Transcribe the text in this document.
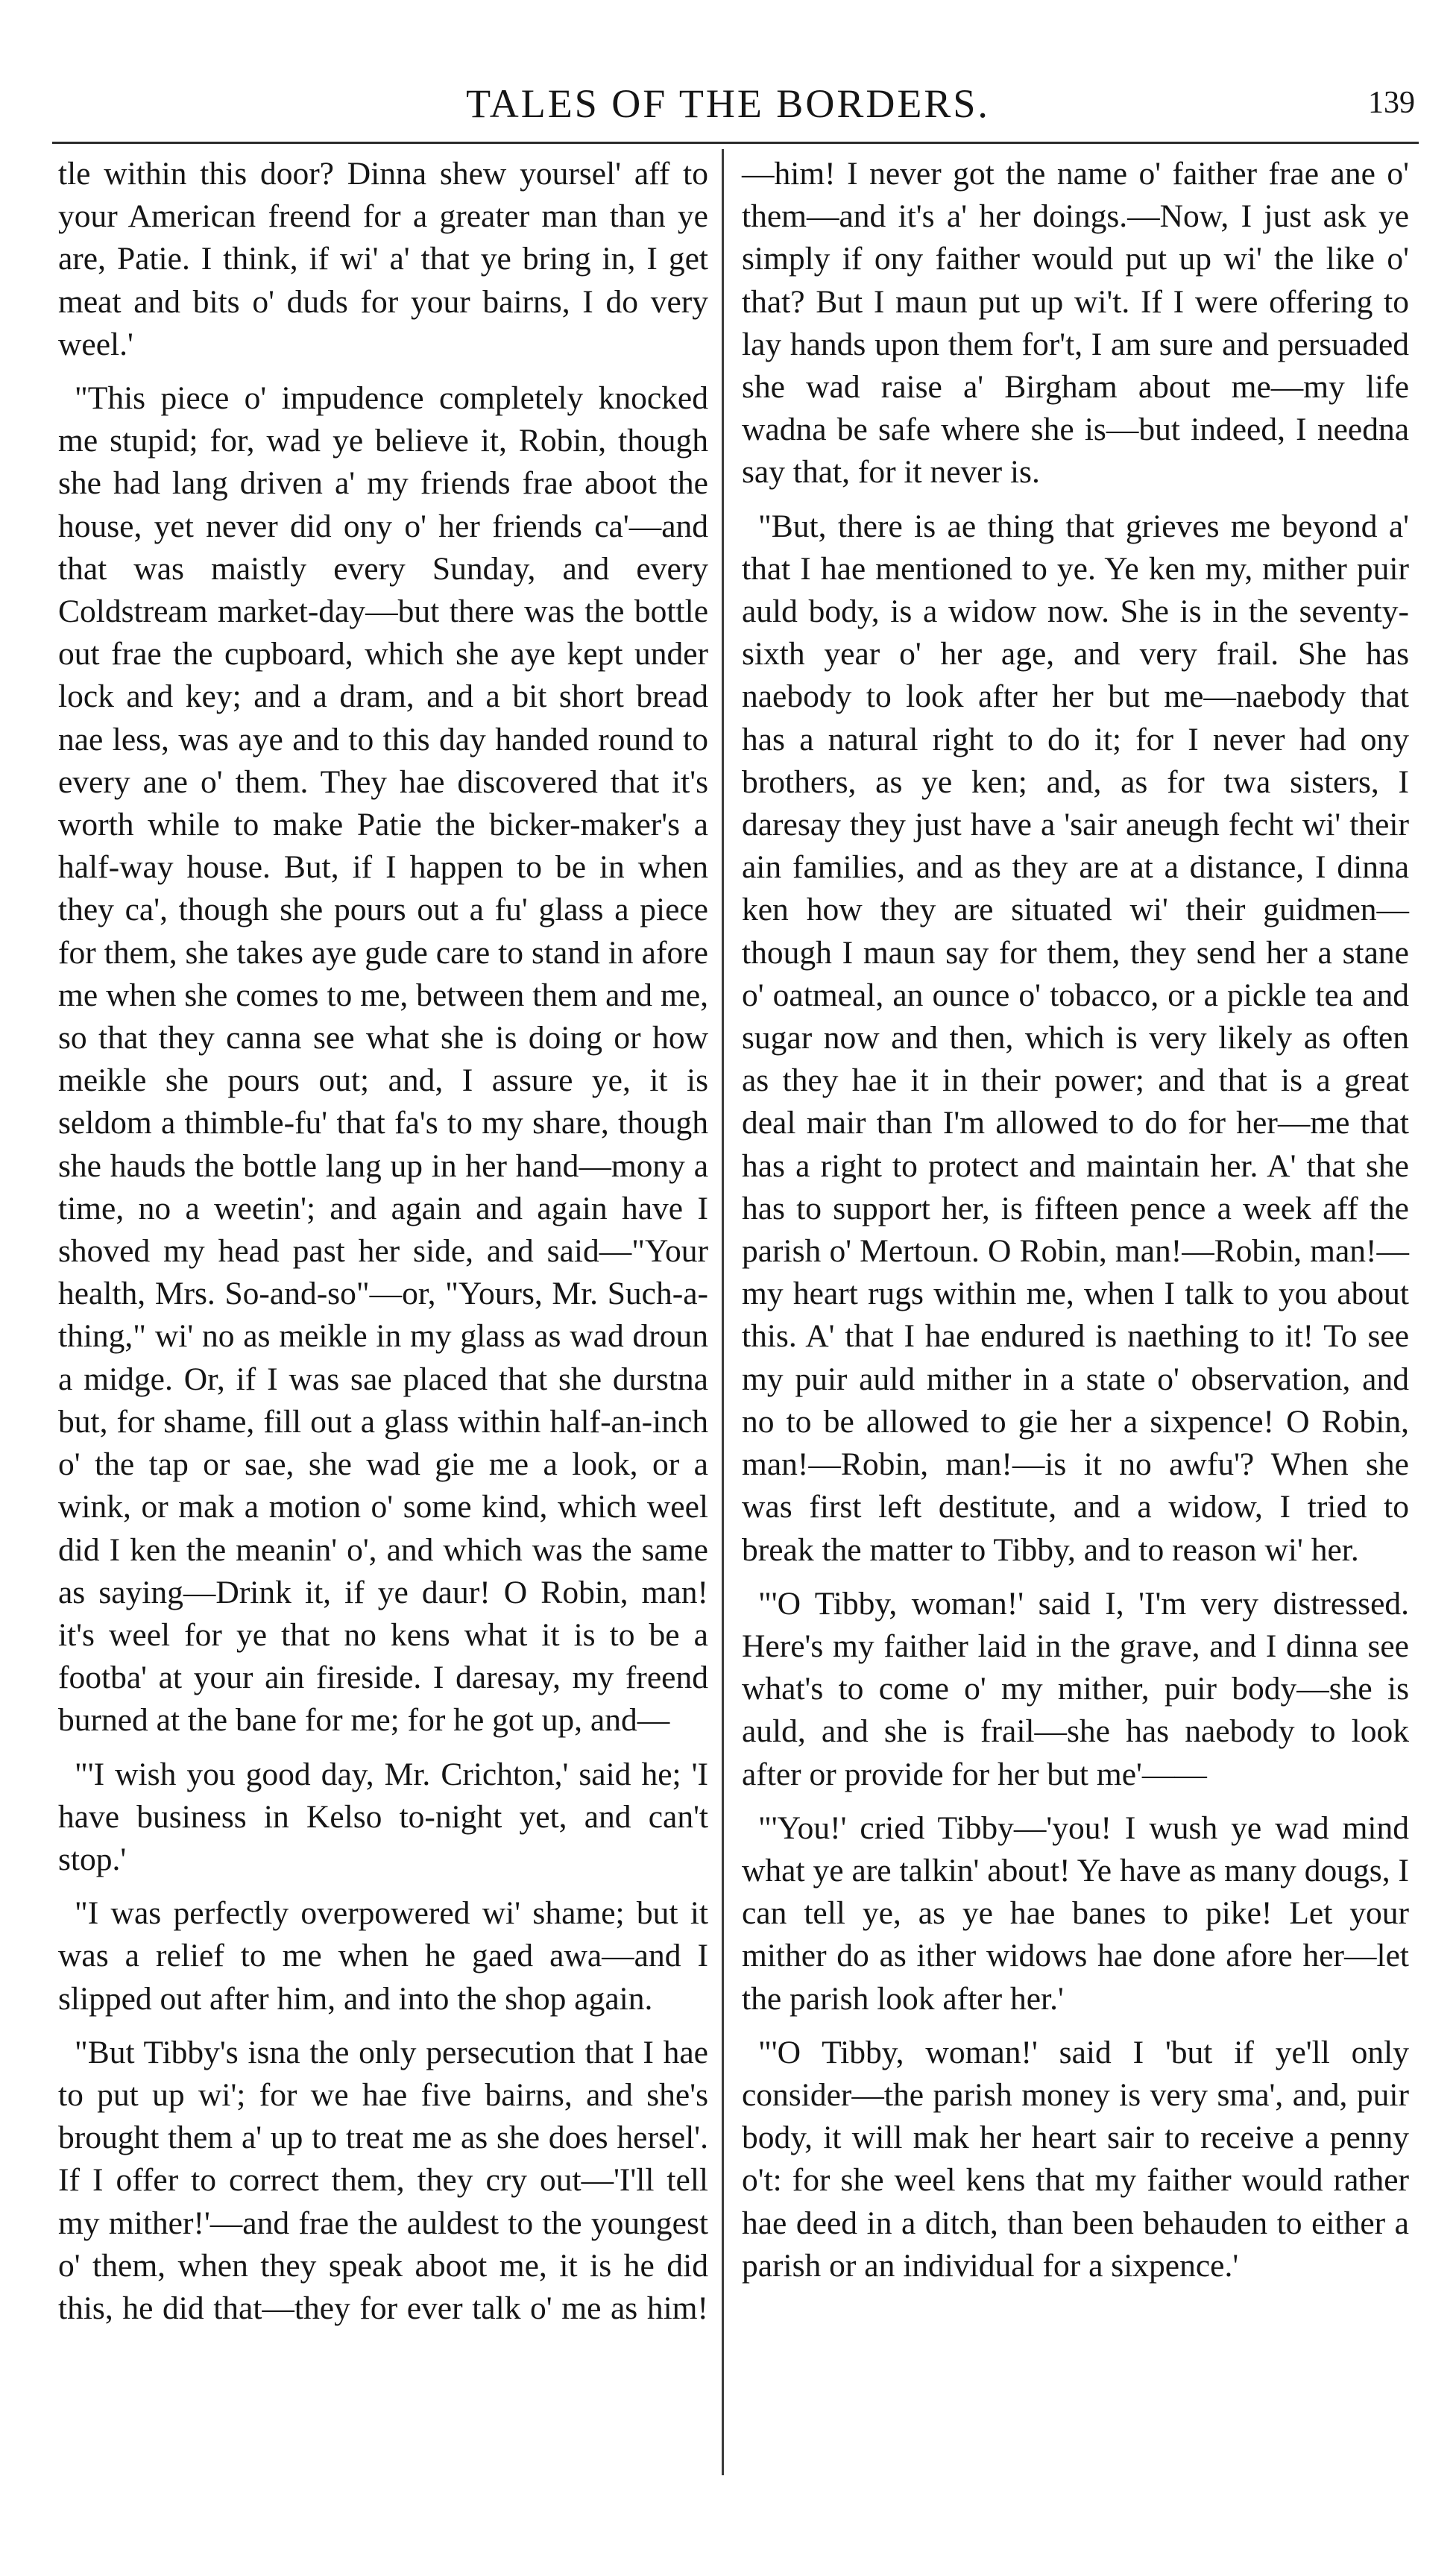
TALES OF THE BORDERS.	139

tle within this door? Dinna shew yoursel' aff to your American freend for a greater man than ye are, Patie. I think, if wi' a' that ye bring in, I get meat and bits o' duds for your bairns, I do very weel.'

"This piece o' impudence completely knocked me stupid; for, wad ye believe it, Robin, though she had lang driven a' my friends frae aboot the house, yet never did ony o' her friends ca'—and that was maistly every Sunday, and every Coldstream market-day—but there was the bottle out frae the cupboard, which she aye kept under lock and key; and a dram, and a bit short bread nae less, was aye and to this day handed round to every ane o' them. They hae discovered that it's worth while to make Patie the bicker-maker's a half-way house. But, if I happen to be in when they ca', though she pours out a fu' glass a piece for them, she takes aye gude care to stand in afore me when she comes to me, between them and me, so that they canna see what she is doing or how meikle she pours out; and, I assure ye, it is seldom a thimble-fu' that fa's to my share, though she hauds the bottle lang up in her hand—mony a time, no a weetin'; and again and again have I shoved my head past her side, and said—"Your health, Mrs. So-and-so"—or, "Yours, Mr. Such-a-thing," wi' no as meikle in my glass as wad droun a midge. Or, if I was sae placed that she durstna but, for shame, fill out a glass within half-an-inch o' the tap or sae, she wad gie me a look, or a wink, or mak a motion o' some kind, which weel did I ken the meanin' o', and which was the same as saying—Drink it, if ye daur! O Robin, man! it's weel for ye that no kens what it is to be a footba' at your ain fireside. I daresay, my freend burned at the bane for me; for he got up, and—

"'I wish you good day, Mr. Crichton,' said he; 'I have business in Kelso to-night yet, and can't stop.'

"I was perfectly overpowered wi' shame; but it was a relief to me when he gaed awa—and I slipped out after him, and into the shop again.

"But Tibby's isna the only persecution that I hae to put up wi'; for we hae five bairns, and she's brought them a' up to treat me as she does hersel'. If I offer to correct them, they cry out—'I'll tell my mither!'—and frae the auldest to the youngest o' them, when they speak aboot me, it is he did this, he did that—they for ever talk o' me as him!

—him! I never got the name o' faither frae ane o' them—and it's a' her doings.—Now, I just ask ye simply if ony faither would put up wi' the like o' that? But I maun put up wi't. If I were offering to lay hands upon them for't, I am sure and persuaded she wad raise a' Birgham about me—my life wadna be safe where she is—but indeed, I needna say that, for it never is.

"But, there is ae thing that grieves me beyond a' that I hae mentioned to ye. Ye ken my, mither puir auld body, is a widow now. She is in the seventy-sixth year o' her age, and very frail. She has naebody to look after her but me—naebody that has a natural right to do it; for I never had ony brothers, as ye ken; and, as for twa sisters, I daresay they just have a 'sair aneugh fecht wi' their ain families, and as they are at a distance, I dinna ken how they are situated wi' their guidmen—though I maun say for them, they send her a stane o' oatmeal, an ounce o' tobacco, or a pickle tea and sugar now and then, which is very likely as often as they hae it in their power; and that is a great deal mair than I'm allowed to do for her—me that has a right to protect and maintain her. A' that she has to support her, is fifteen pence a week aff the parish o' Mertoun. O Robin, man!—Robin, man!—my heart rugs within me, when I talk to you about this. A' that I hae endured is naething to it! To see my puir auld mither in a state o' observation, and no to be allowed to gie her a sixpence! O Robin, man!—Robin, man!—is it no awfu'? When she was first left destitute, and a widow, I tried to break the matter to Tibby, and to reason wi' her.

"'O Tibby, woman!' said I, 'I'm very distressed. Here's my faither laid in the grave, and I dinna see what's to come o' my mither, puir body—she is auld, and she is frail—she has naebody to look after or provide for her but me'——

"'You!' cried Tibby—'you! I wush ye wad mind what ye are talkin' about! Ye have as many dougs, I can tell ye, as ye hae banes to pike! Let your mither do as ither widows hae done afore her—let the parish look after her.'

"'O Tibby, woman!' said I 'but if ye'll only consider—the parish money is very sma', and, puir body, it will mak her heart sair to receive a penny o't: for she weel kens that my faither would rather hae deed in a ditch, than been behauden to either a parish or an individual for a sixpence.'
